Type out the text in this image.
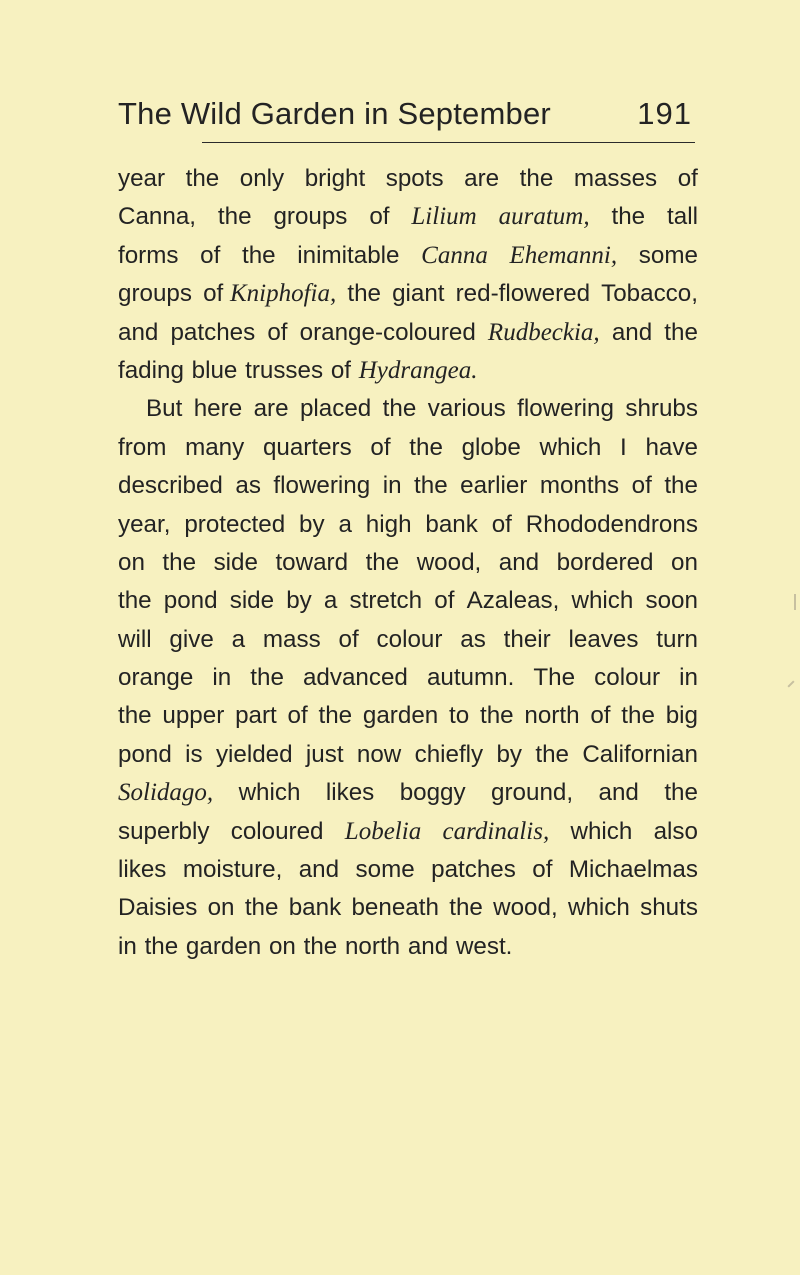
The Wild Garden in September	191
year the only bright spots are the masses of
Canna, the groups of Lilium auratum, the tall
forms of the inimitable Canna Ehemanni, some
groups of Kniphofia, the giant red-flowered Tobacco,
and patches of orange-coloured Rudbeckia, and the
fading blue trusses of Hydrangea.
But here are placed the various flowering shrubs
from many quarters of the globe which I have
described as flowering in the earlier months of the
year, protected by a high bank of Rhododendrons
on the side toward the wood, and bordered on
the pond side by a stretch of Azaleas, which soon
will give a mass of colour as their leaves turn
orange in the advanced autumn. The colour in
the upper part of the garden to the north of the big
pond is yielded just now chiefly by the Californian
Solidago, which likes boggy ground, and the
superbly coloured Lobelia cardinalis, which also
likes moisture, and some patches of Michaelmas
Daisies on the bank beneath the wood, which shuts
in the garden on the north and west.
